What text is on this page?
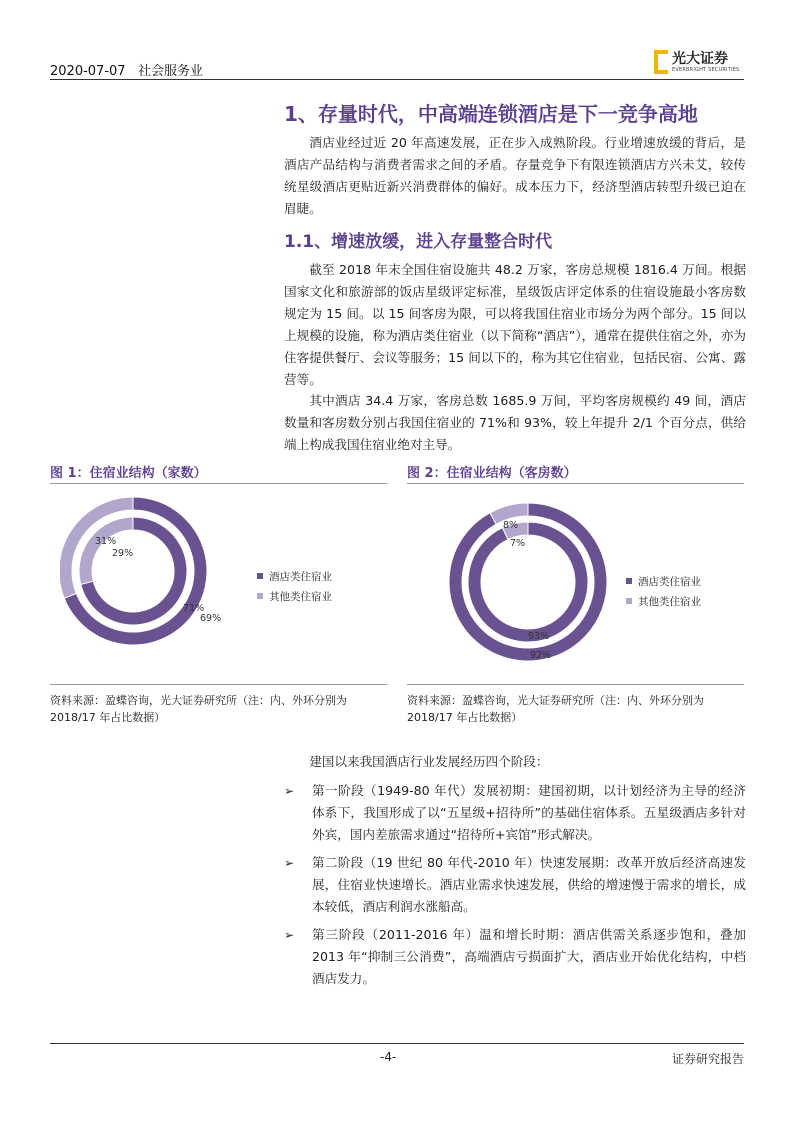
2020-07-07 社会服务业
光大证券
EVERBRIGHT SECURITIES
1、存量时代，中高端连锁酒店是下一竞争高地

酒店业经过近 20 年高速发展，正在步入成熟阶段。行业增速放缓的背后，是酒店产品结构与消费者需求之间的矛盾。存量竞争下有限连锁酒店方兴未艾，较传统星级酒店更贴近新兴消费群体的偏好。成本压力下，经济型酒店转型升级已迫在眉睫。

1.1、增速放缓，进入存量整合时代

截至 2018 年末全国住宿设施共 48.2 万家，客房总规模 1816.4 万间。根据国家文化和旅游部的饭店星级评定标准，星级饭店评定体系的住宿设施最小客房数规定为 15 间。以 15 间客房为限，可以将我国住宿业市场分为两个部分。15 间以上规模的设施，称为酒店类住宿业（以下简称“酒店”），通常在提供住宿之外，亦为住客提供餐厅、会议等服务；15 间以下的，称为其它住宿业，包括民宿、公寓、露营等。

其中酒店 34.4 万家，客房总数 1685.9 万间，平均客房规模约 49 间，酒店数量和客房数分别占我国住宿业的 71%和 93%，较上年提升 2/1 个百分点，供给端上构成我国住宿业绝对主导。

图 1：住宿业结构（家数）
31%
29%
71%
69%
酒店类住宿业
其他类住宿业
资料来源：盈蝶咨询，光大证券研究所（注：内、外环分别为2018/17 年占比数据）
图 2：住宿业结构（客房数）
8%
7%
93%
92%
酒店类住宿业
其他类住宿业
资料来源：盈蝶咨询，光大证券研究所（注：内、外环分别为2018/17 年占比数据）

建国以来我国酒店行业发展经历四个阶段：

➢ 第一阶段（1949-80 年代）发展初期：建国初期，以计划经济为主导的经济体系下，我国形成了以“五星级+招待所”的基础住宿体系。五星级酒店多针对外宾，国内差旅需求通过“招待所+宾馆”形式解决。
➢ 第二阶段（19 世纪 80 年代-2010 年）快速发展期：改革开放后经济高速发展，住宿业快速增长。酒店业需求快速发展，供给的增速慢于需求的增长，成本较低，酒店利润水涨船高。
➢ 第三阶段（2011-2016 年）温和增长时期：酒店供需关系逐步饱和，叠加 2013 年“抑制三公消费”，高端酒店亏损面扩大，酒店业开始优化结构，中档酒店发力。
-4-	证券研究报告
